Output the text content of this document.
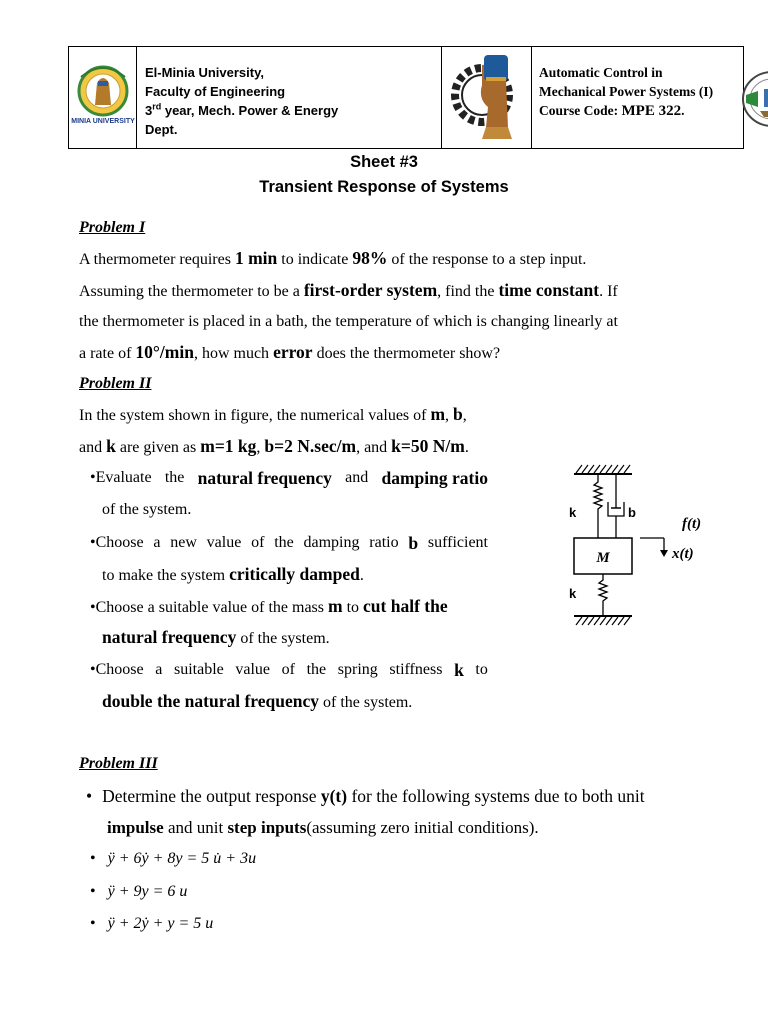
MINIA UNIVERSITY
El-Minia University,
Faculty of Engineering
3rd year, Mech. Power & Energy
Dept.
Automatic Control in
Mechanical Power Systems (I)
Course Code: MPE 322.
Sheet #3
Transient Response of Systems
Problem I
A thermometer requires 1 min to indicate 98% of the response to a step input.
Assuming the thermometer to be a first-order system, find the time constant. If
the thermometer is placed in a bath, the temperature of which is changing linearly at
a rate of 10°/min, how much error does the thermometer show?
Problem II
In the system shown in figure, the numerical values of m, b,
and k are given as m=1 kg, b=2 N.sec/m, and k=50 N/m.
•Evaluate the natural frequency and damping ratio
of the system.
•Choose a new value of the damping ratio b sufficient
to make the system critically damped.
•Choose a suitable value of the mass m to cut half the
natural frequency of the system.
•Choose a suitable value of the spring stiffness k to
double the natural frequency of the system.
M
k	b
k
f(t)
x(t)
Problem III
• Determine the output response y(t) for the following systems due to both unit
impulse and unit step inputs(assuming zero initial conditions).
• ÿ + 6ẏ + 8y = 5 u̇ + 3u
• ÿ + 9y = 6 u
• ÿ + 2ẏ + y = 5 u
